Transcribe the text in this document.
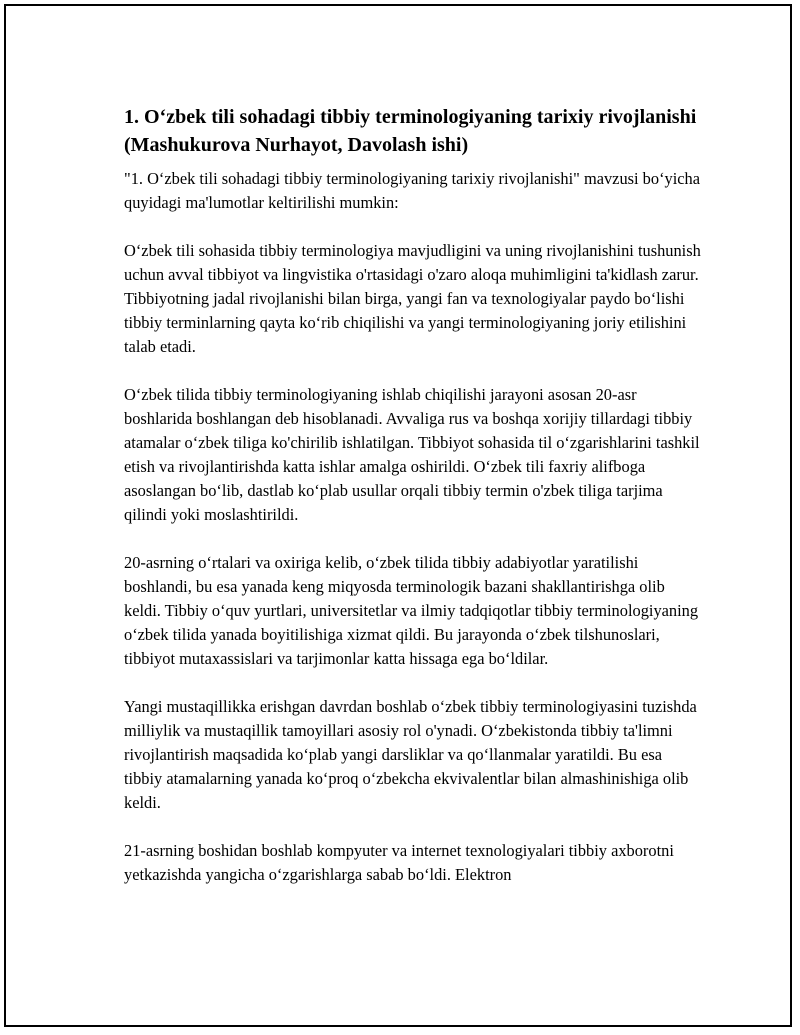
1. O‘zbek tili sohadagi tibbiy terminologiyaning tarixiy rivojlanishi (Mashukurova Nurhayot, Davolash ishi)

"1. O‘zbek tili sohadagi tibbiy terminologiyaning tarixiy rivojlanishi" mavzusi bo‘yicha quyidagi ma'lumotlar keltirilishi mumkin:

O‘zbek tili sohasida tibbiy terminologiya mavjudligini va uning rivojlanishini tushunish uchun avval tibbiyot va lingvistika o'rtasidagi o'zaro aloqa muhimligini ta'kidlash zarur. Tibbiyotning jadal rivojlanishi bilan birga, yangi fan va texnologiyalar paydo bo‘lishi tibbiy terminlarning qayta ko‘rib chiqilishi va yangi terminologiyaning joriy etilishini talab etadi.

O‘zbek tilida tibbiy terminologiyaning ishlab chiqilishi jarayoni asosan 20-asr boshlarida boshlangan deb hisoblanadi. Avvaliga rus va boshqa xorijiy tillardagi tibbiy atamalar o‘zbek tiliga ko'chirilib ishlatilgan. Tibbiyot sohasida til o‘zgarishlarini tashkil etish va rivojlantirishda katta ishlar amalga oshirildi. O‘zbek tili faxriy alifboga asoslangan bo‘lib, dastlab ko‘plab usullar orqali tibbiy termin o'zbek tiliga tarjima qilindi yoki moslashtirildi.

20-asrning o‘rtalari va oxiriga kelib, o‘zbek tilida tibbiy adabiyotlar yaratilishi boshlandi, bu esa yanada keng miqyosda terminologik bazani shakllantirishga olib keldi. Tibbiy o‘quv yurtlari, universitetlar va ilmiy tadqiqotlar tibbiy terminologiyaning o‘zbek tilida yanada boyitilishiga xizmat qildi. Bu jarayonda o‘zbek tilshunoslari, tibbiyot mutaxassislari va tarjimonlar katta hissaga ega bo‘ldilar.

Yangi mustaqillikka erishgan davrdan boshlab o‘zbek tibbiy terminologiyasini tuzishda milliylik va mustaqillik tamoyillari asosiy rol o'ynadi. O‘zbekistonda tibbiy ta'limni rivojlantirish maqsadida ko‘plab yangi darsliklar va qo‘llanmalar yaratildi. Bu esa tibbiy atamalarning yanada ko‘proq o‘zbekcha ekvivalentlar bilan almashinishiga olib keldi.

21-asrning boshidan boshlab kompyuter va internet texnologiyalari tibbiy axborotni yetkazishda yangicha o‘zgarishlarga sabab bo‘ldi. Elektron
